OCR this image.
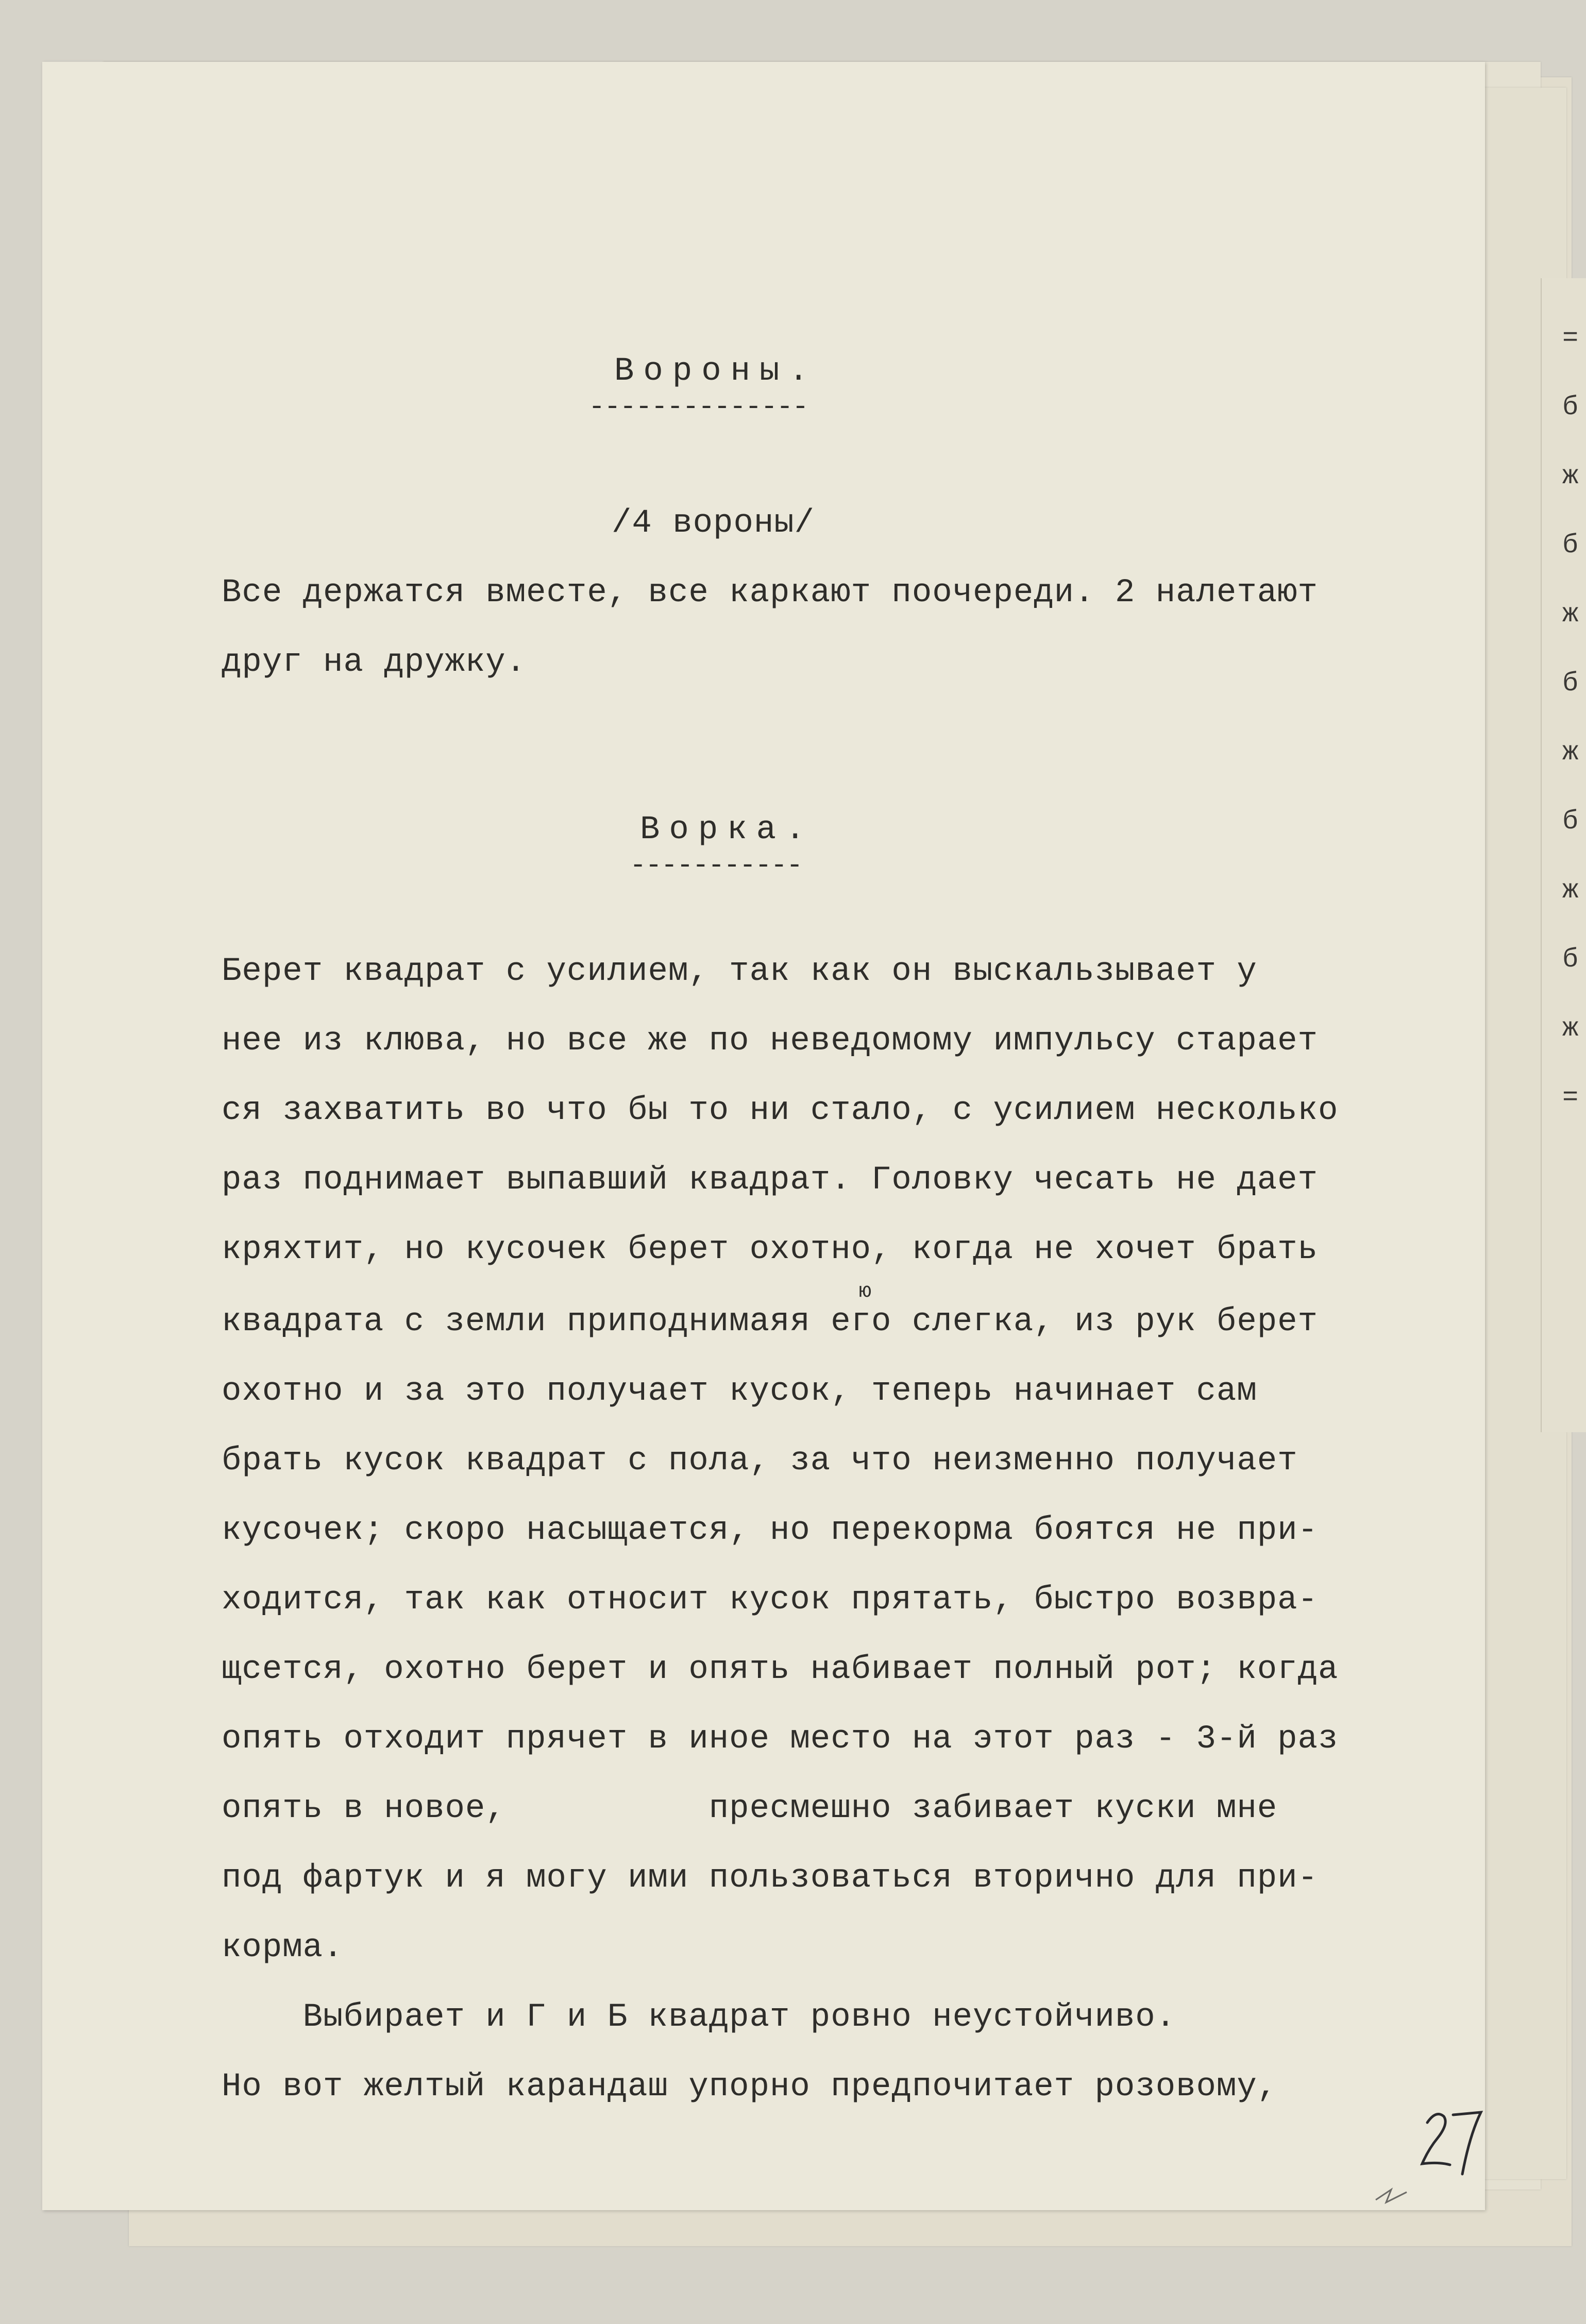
=
б
ж
б
ж
б
ж
б
ж
б
ж
=
Вороны.
--------------
/4 вороны/
Все держатся вместе, все каркают поочереди. 2 налетают
друг на дружку.
Ворка.
-----------
Берет квадрат с усилием, так как он выскальзывает у
нее из клюва, но все же по неведомому импульсу старает
ся захватить во что бы то ни стало, с усилием несколько
раз поднимает выпавший квадрат. Головку чесать не дает
кряхтит, но кусочек берет охотно, когда не хочет брать
ю
квадрата с земли приподнимаяя его слегка, из рук берет
охотно и за это получает кусок, теперь начинает сам
брать кусок квадрат с пола, за что неизменно получает
кусочек; скоро насыщается, но перекорма боятся не при-
ходится, так как относит кусок прятать, быстро возвра-
щсется, охотно берет и опять набивает полный рот; когда
опять отходит прячет в иное место на этот раз - 3-й раз
опять в новое,          пресмешно забивает куски мне
под фартук и я могу ими пользоваться вторично для при-
корма.
Выбирает и Г и Б квадрат ровно неустойчиво.
Но вот желтый карандаш упорно предпочитает розовому,
